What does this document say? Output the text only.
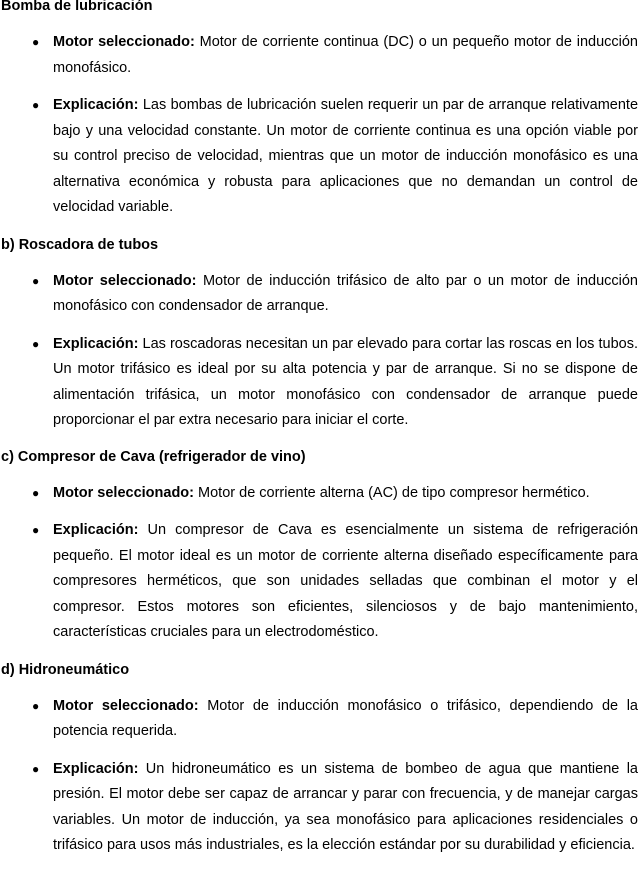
Bomba de lubricación
● Motor seleccionado: Motor de corriente continua (DC) o un pequeño motor de inducción monofásico.
● Explicación: Las bombas de lubricación suelen requerir un par de arranque relativamente bajo y una velocidad constante. Un motor de corriente continua es una opción viable por su control preciso de velocidad, mientras que un motor de inducción monofásico es una alternativa económica y robusta para aplicaciones que no demandan un control de velocidad variable.
b) Roscadora de tubos
● Motor seleccionado: Motor de inducción trifásico de alto par o un motor de inducción monofásico con condensador de arranque.
● Explicación: Las roscadoras necesitan un par elevado para cortar las roscas en los tubos. Un motor trifásico es ideal por su alta potencia y par de arranque. Si no se dispone de alimentación trifásica, un motor monofásico con condensador de arranque puede proporcionar el par extra necesario para iniciar el corte.
c) Compresor de Cava (refrigerador de vino)
● Motor seleccionado: Motor de corriente alterna (AC) de tipo compresor hermético.
● Explicación: Un compresor de Cava es esencialmente un sistema de refrigeración pequeño. El motor ideal es un motor de corriente alterna diseñado específicamente para compresores herméticos, que son unidades selladas que combinan el motor y el compresor. Estos motores son eficientes, silenciosos y de bajo mantenimiento, características cruciales para un electrodoméstico.
d) Hidroneumático
● Motor seleccionado: Motor de inducción monofásico o trifásico, dependiendo de la potencia requerida.
● Explicación: Un hidroneumático es un sistema de bombeo de agua que mantiene la presión. El motor debe ser capaz de arrancar y parar con frecuencia, y de manejar cargas variables. Un motor de inducción, ya sea monofásico para aplicaciones residenciales o trifásico para usos más industriales, es la elección estándar por su durabilidad y eficiencia.
